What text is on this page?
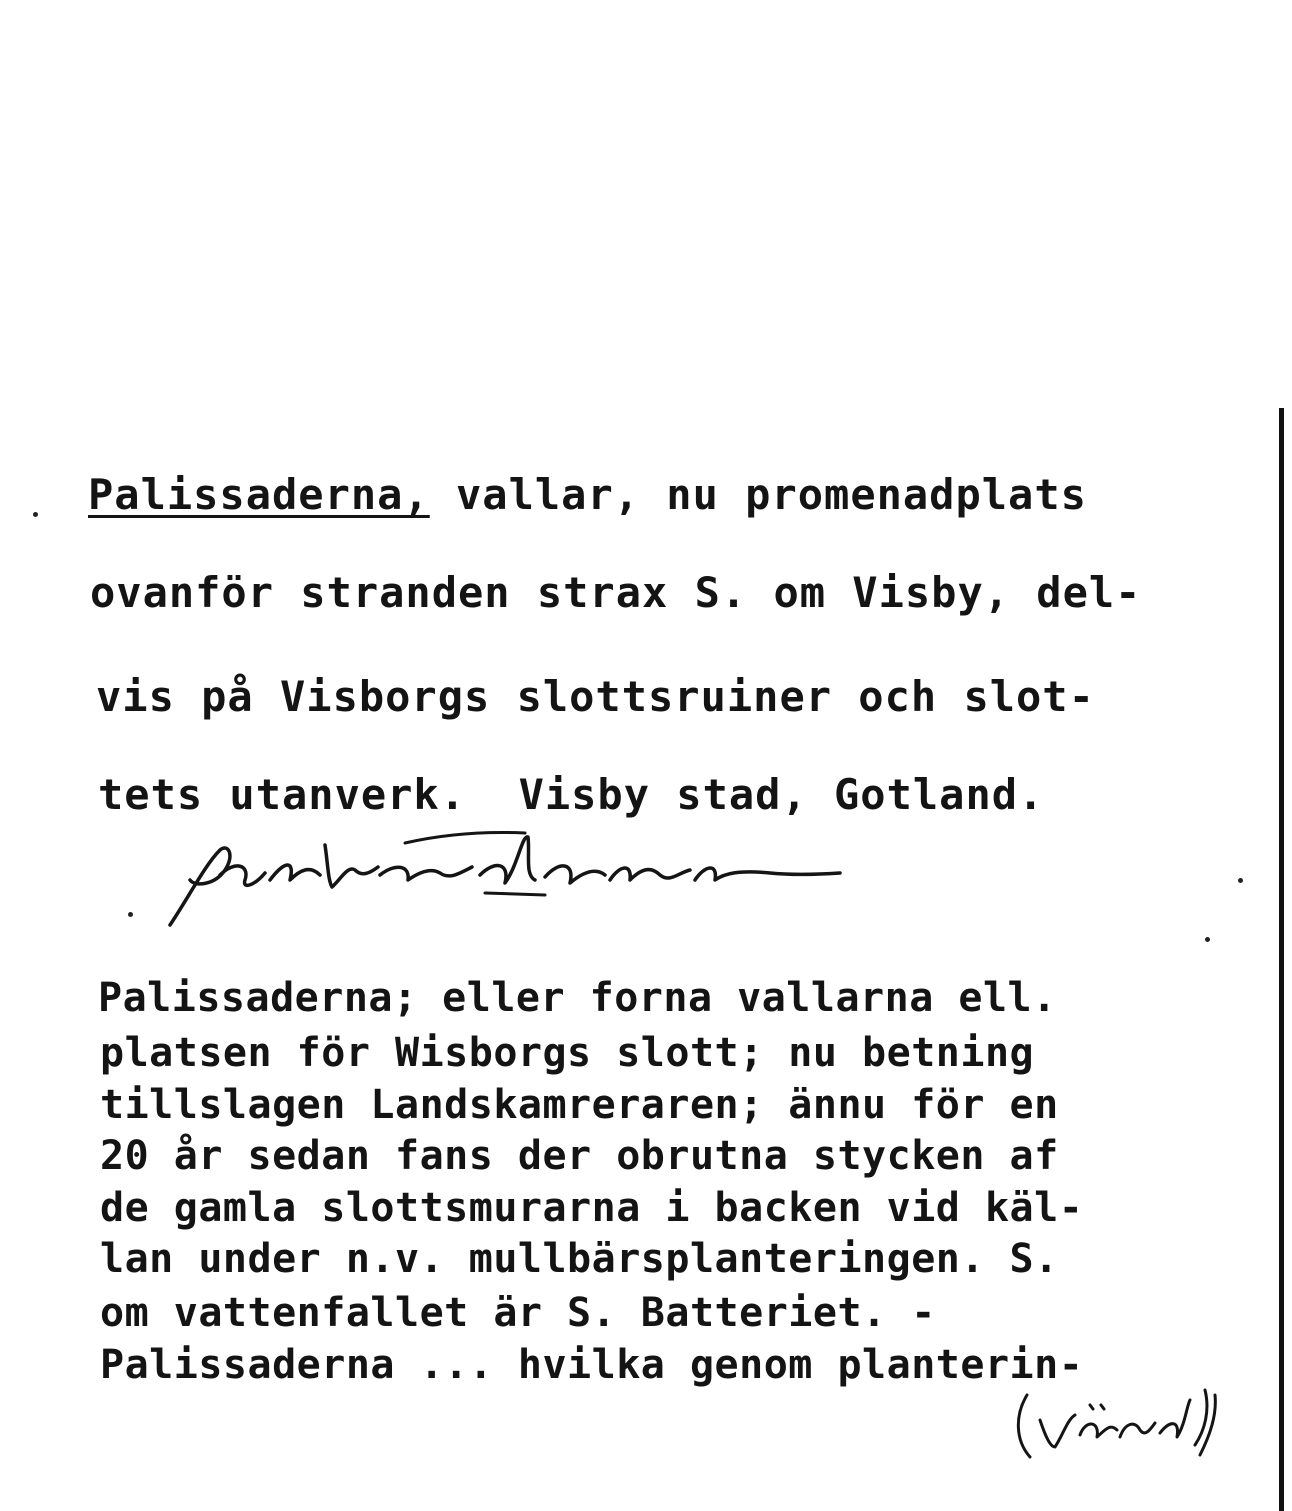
Palissaderna, vallar, nu promenadplats
ovanför stranden strax S. om Visby, del-
vis på Visborgs slottsruiner och slot-
tets utanverk.  Visby stad, Gotland.
Palissaderna; eller forna vallarna ell.
platsen för Wisborgs slott; nu betning
tillslagen Landskamreraren; ännu för en
20 år sedan fans der obrutna stycken af
de gamla slottsmurarna i backen vid käl-
lan under n.v. mullbärsplanteringen. S.
om vattenfallet är S. Batteriet. -
Palissaderna ... hvilka genom planterin-
